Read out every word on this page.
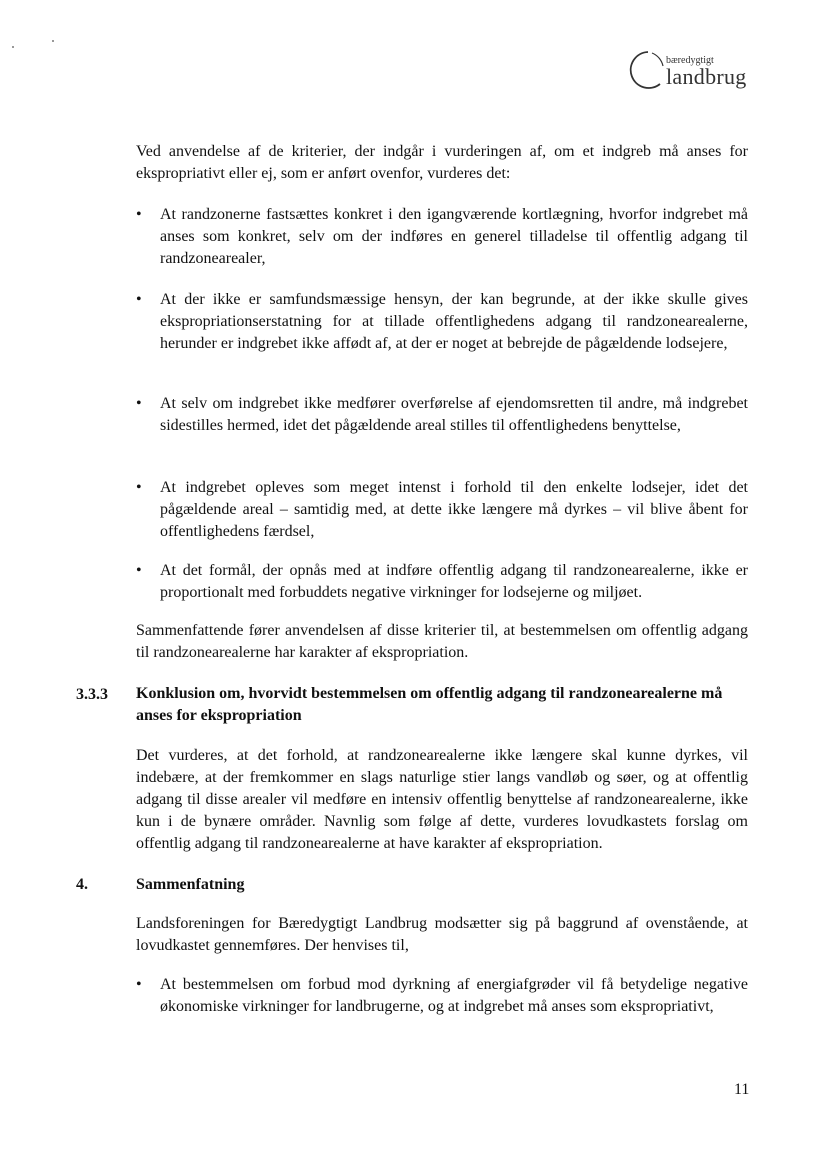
bæredygtigt
landbrug

Ved anvendelse af de kriterier, der indgår i vurderingen af, om et indgreb må anses for ekspropriativt eller ej, som er anført ovenfor, vurderes det:

•	At randzonerne fastsættes konkret i den igangværende kortlægning, hvorfor indgrebet må anses som konkret, selv om der indføres en generel tilladelse til offentlig adgang til randzonearealer,
•	At der ikke er samfundsmæssige hensyn, der kan begrunde, at der ikke skulle gives ekspropriationserstatning for at tillade offentlighedens adgang til randzonearealerne, herunder er indgrebet ikke affødt af, at der er noget at bebrejde de pågældende lodsejere,
•	At selv om indgrebet ikke medfører overførelse af ejendomsretten til andre, må indgrebet sidestilles hermed, idet det pågældende areal stilles til offentlighedens benyttelse,
•	At indgrebet opleves som meget intenst i forhold til den enkelte lodsejer, idet det pågældende areal – samtidig med, at dette ikke længere må dyrkes – vil blive åbent for offentlighedens færdsel,
•	At det formål, der opnås med at indføre offentlig adgang til randzonearealerne, ikke er proportionalt med forbuddets negative virkninger for lodsejerne og miljøet.

Sammenfattende fører anvendelsen af disse kriterier til, at bestemmelsen om offentlig adgang til randzonearealerne har karakter af ekspropriation.

3.3.3 Konklusion om, hvorvidt bestemmelsen om offentlig adgang til randzonearealerne må anses for ekspropriation

Det vurderes, at det forhold, at randzonearealerne ikke længere skal kunne dyrkes, vil indebære, at der fremkommer en slags naturlige stier langs vandløb og søer, og at offentlig adgang til disse arealer vil medføre en intensiv offentlig benyttelse af randzonearealerne, ikke kun i de bynære områder. Navnlig som følge af dette, vurderes lovudkastets forslag om offentlig adgang til randzonearealerne at have karakter af ekspropriation.

4.	Sammenfatning

Landsforeningen for Bæredygtigt Landbrug modsætter sig på baggrund af ovenstående, at lovudkastet gennemføres. Der henvises til,

•	At bestemmelsen om forbud mod dyrkning af energiafgrøder vil få betydelige negative økonomiske virkninger for landbrugerne, og at indgrebet må anses som ekspropriativt,
11
